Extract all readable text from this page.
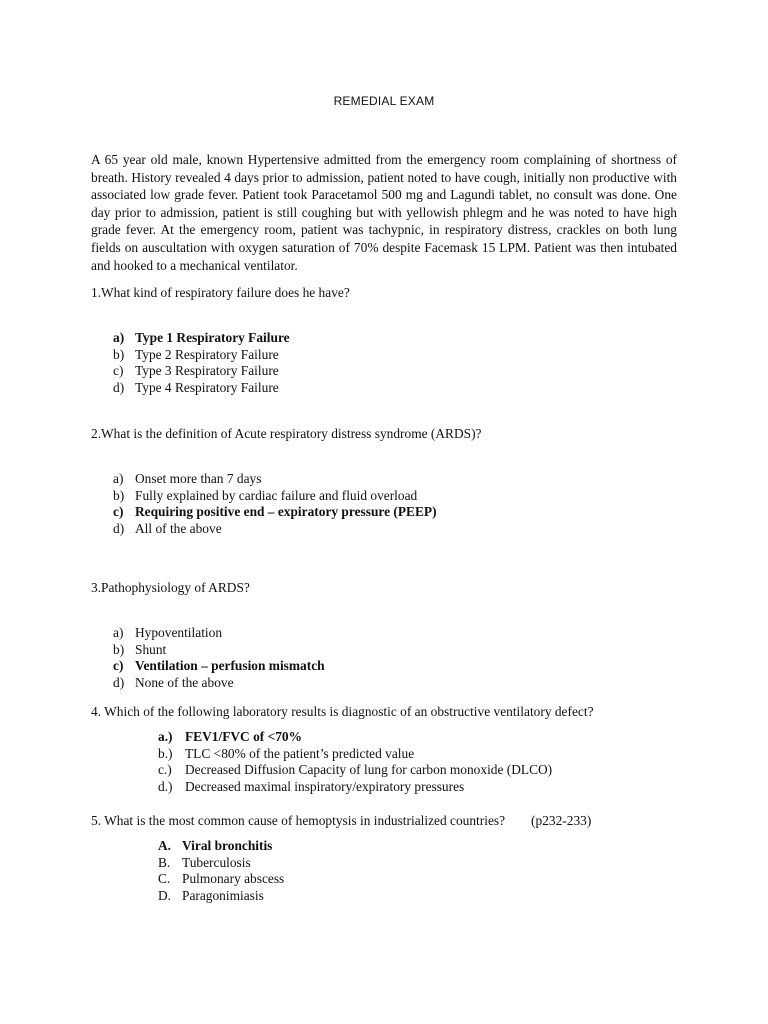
REMEDIAL EXAM

A 65 year old male, known Hypertensive admitted from the emergency room complaining of shortness of breath. History revealed 4 days prior to admission, patient noted to have cough, initially non productive with associated low grade fever. Patient took Paracetamol 500 mg and Lagundi tablet, no consult was done. One day prior to admission, patient is still coughing but with yellowish phlegm and he was noted to have high grade fever. At the emergency room, patient was tachypnic, in respiratory distress, crackles on both lung fields on auscultation with oxygen saturation of 70% despite Facemask 15 LPM. Patient was then intubated and hooked to a mechanical ventilator.

1.What kind of respiratory failure does he have?

a) Type 1 Respiratory Failure
b) Type 2 Respiratory Failure
c) Type 3 Respiratory Failure
d) Type 4 Respiratory Failure

2.What is the definition of Acute respiratory distress syndrome (ARDS)?

a) Onset more than 7 days
b) Fully explained by cardiac failure and fluid overload
c) Requiring positive end – expiratory pressure (PEEP)
d) All of the above

3.Pathophysiology of ARDS?

a) Hypoventilation
b) Shunt
c) Ventilation – perfusion mismatch
d) None of the above

4. Which of the following laboratory results is diagnostic of an obstructive ventilatory defect?

a.) FEV1/FVC of <70%
b.) TLC <80% of the patient’s predicted value
c.) Decreased Diffusion Capacity of lung for carbon monoxide (DLCO)
d.) Decreased maximal inspiratory/expiratory pressures

5. What is the most common cause of hemoptysis in industrialized countries? (p232-233)

A. Viral bronchitis
B. Tuberculosis
C. Pulmonary abscess
D. Paragonimiasis
